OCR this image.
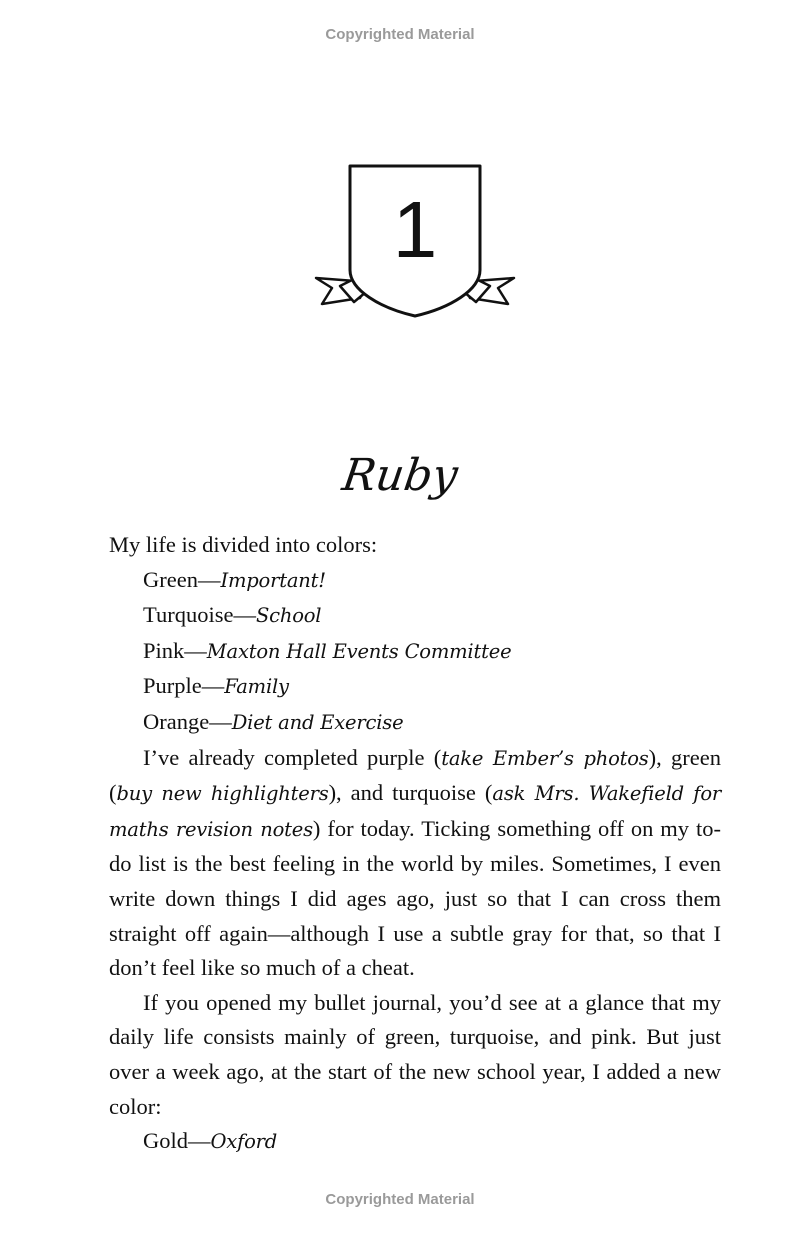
Copyrighted Material
1
Ruby

My life is divided into colors:

Green—Important!

Turquoise—School

Pink—Maxton Hall Events Committee

Purple—Family

Orange—Diet and Exercise

I’ve already completed purple (take Ember’s photos), green (buy new highlighters), and turquoise (ask Mrs. Wakefield for maths revision notes) for today. Ticking something off on my to-do list is the best feeling in the world by miles. Sometimes, I even write down things I did ages ago, just so that I can cross them straight off again—although I use a subtle gray for that, so that I don’t feel like so much of a cheat.

If you opened my bullet journal, you’d see at a glance that my daily life consists mainly of green, turquoise, and pink. But just over a week ago, at the start of the new school year, I added a new color:

Gold—Oxford

Copyrighted Material
